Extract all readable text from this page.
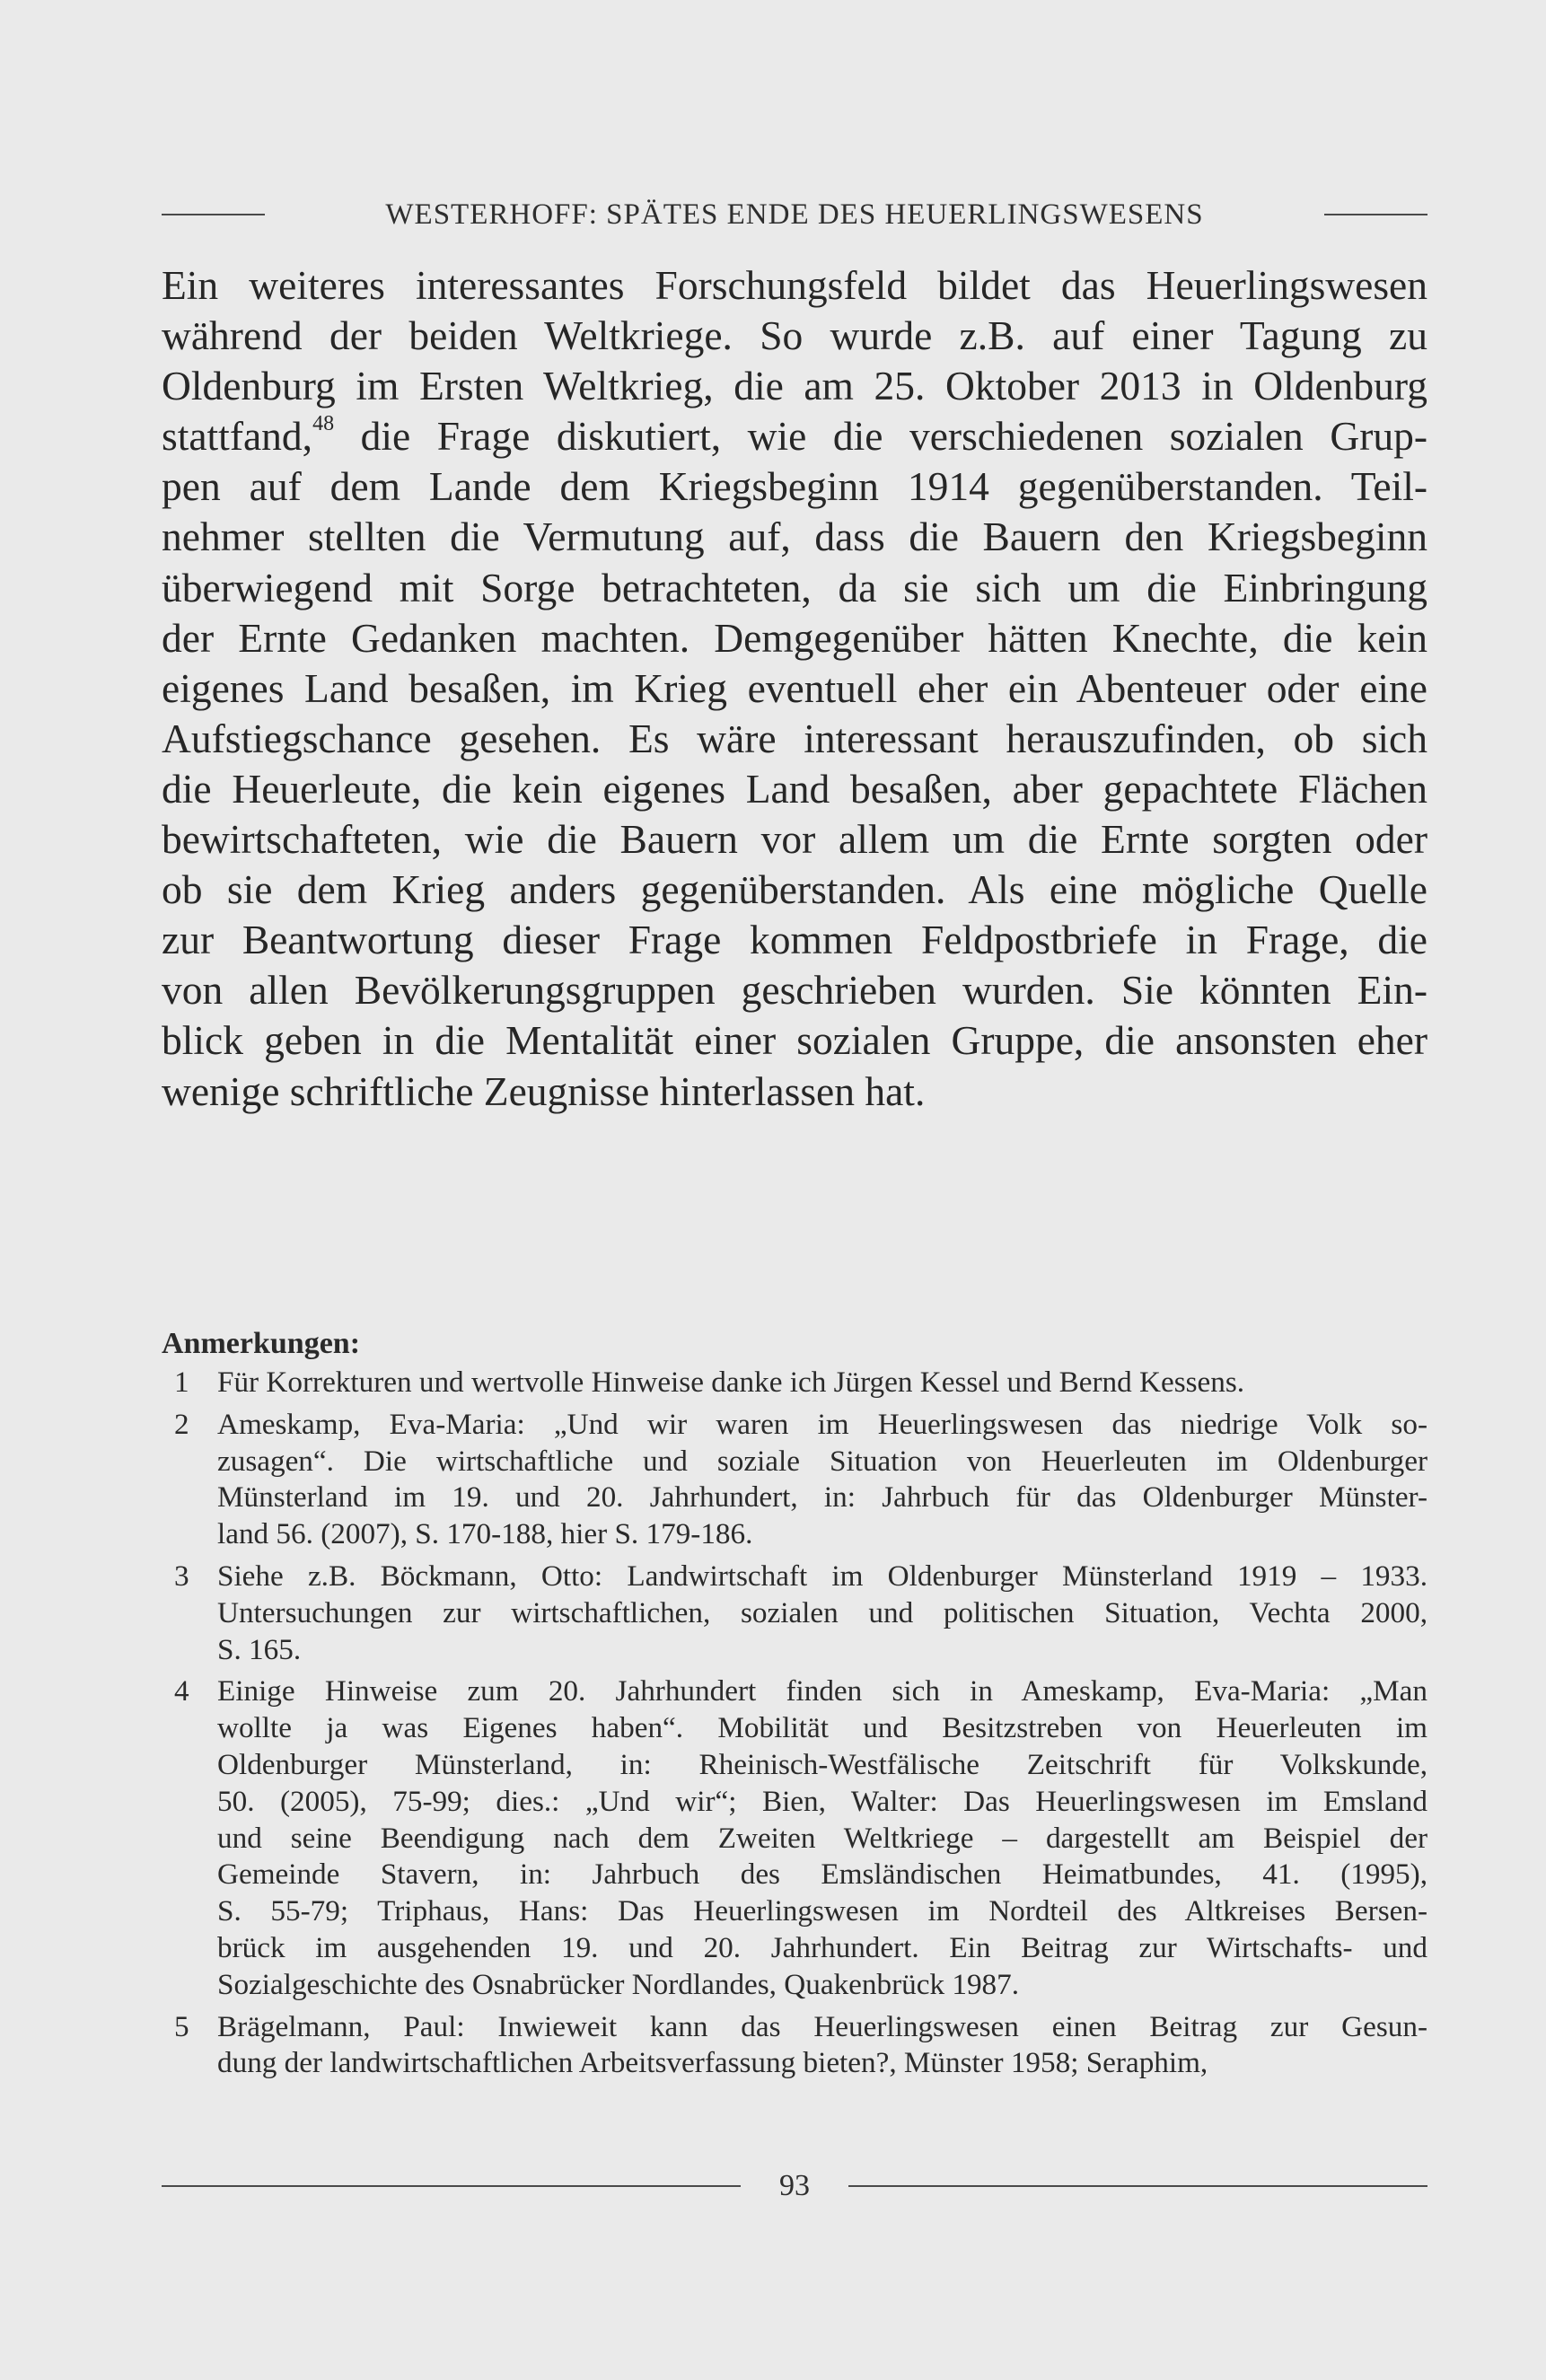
WESTERHOFF: SPÄTES ENDE DES HEUERLINGSWESENS
Ein weiteres interessantes Forschungsfeld bildet das Heuerlingswesen
während der beiden Weltkriege. So wurde z.B. auf einer Tagung zu
Oldenburg im Ersten Weltkrieg, die am 25. Oktober 2013 in Oldenburg
stattfand,$^{48}$ die Frage diskutiert, wie die verschiedenen sozialen Grup-
pen auf dem Lande dem Kriegsbeginn 1914 gegenüberstanden. Teil-
nehmer stellten die Vermutung auf, dass die Bauern den Kriegsbeginn
überwiegend mit Sorge betrachteten, da sie sich um die Einbringung
der Ernte Gedanken machten. Demgegenüber hätten Knechte, die kein
eigenes Land besaßen, im Krieg eventuell eher ein Abenteuer oder eine
Aufstiegschance gesehen. Es wäre interessant herauszufinden, ob sich
die Heuerleute, die kein eigenes Land besaßen, aber gepachtete Flächen
bewirtschafteten, wie die Bauern vor allem um die Ernte sorgten oder
ob sie dem Krieg anders gegenüberstanden. Als eine mögliche Quelle
zur Beantwortung dieser Frage kommen Feldpostbriefe in Frage, die
von allen Bevölkerungsgruppen geschrieben wurden. Sie könnten Ein-
blick geben in die Mentalität einer sozialen Gruppe, die ansonsten eher
wenige schriftliche Zeugnisse hinterlassen hat.
Anmerkungen:
1 Für Korrekturen und wertvolle Hinweise danke ich Jürgen Kessel und Bernd Kessens.
2 Ameskamp, Eva-Maria: „Und wir waren im Heuerlingswesen das niedrige Volk so-
zusagen“. Die wirtschaftliche und soziale Situation von Heuerleuten im Oldenburger
Münsterland im 19. und 20. Jahrhundert, in: Jahrbuch für das Oldenburger Münster-
land 56. (2007), S. 170-188, hier S. 179-186.
3 Siehe z.B. Böckmann, Otto: Landwirtschaft im Oldenburger Münsterland 1919 – 1933.
Untersuchungen zur wirtschaftlichen, sozialen und politischen Situation, Vechta 2000,
S. 165.
4 Einige Hinweise zum 20. Jahrhundert finden sich in Ameskamp, Eva-Maria: „Man
wollte ja was Eigenes haben“. Mobilität und Besitzstreben von Heuerleuten im
Oldenburger Münsterland, in: Rheinisch-Westfälische Zeitschrift für Volkskunde,
50. (2005), 75-99; dies.: „Und wir“; Bien, Walter: Das Heuerlingswesen im Emsland
und seine Beendigung nach dem Zweiten Weltkriege – dargestellt am Beispiel der
Gemeinde Stavern, in: Jahrbuch des Emsländischen Heimatbundes, 41. (1995),
S. 55-79; Triphaus, Hans: Das Heuerlingswesen im Nordteil des Altkreises Bersen-
brück im ausgehenden 19. und 20. Jahrhundert. Ein Beitrag zur Wirtschafts- und
Sozialgeschichte des Osnabrücker Nordlandes, Quakenbrück 1987.
5 Brägelmann, Paul: Inwieweit kann das Heuerlingswesen einen Beitrag zur Gesun-
dung der landwirtschaftlichen Arbeitsverfassung bieten?, Münster 1958; Seraphim,
93
